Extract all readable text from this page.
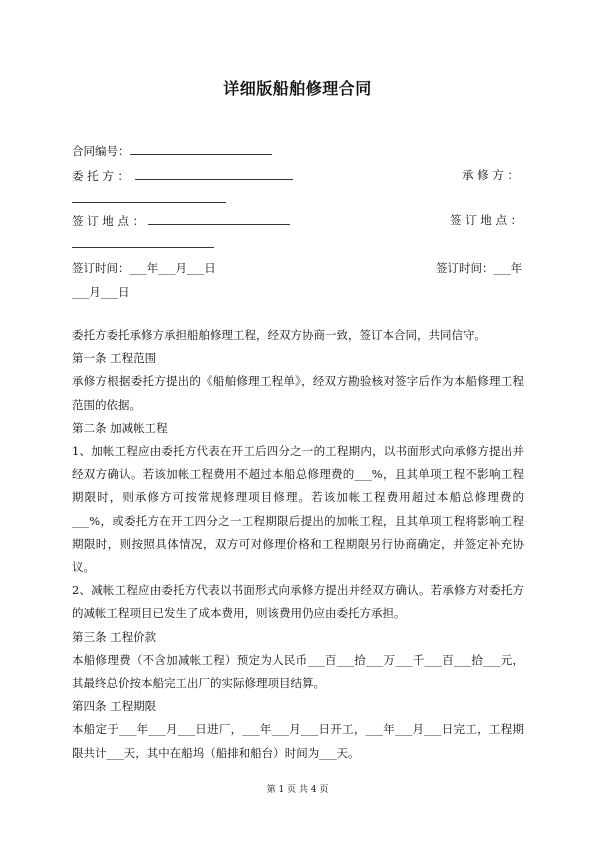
详细版船舶修理合同
合同编号：
委 托 方 ：	承 修 方 ：
签 订 地 点 ：	签 订 地 点 ：
签订时间：___年___月___日	签订时间：___年
___月___日

委托方委托承修方承担船舶修理工程，经双方协商一致，签订本合同，共同信守。

第一条 工程范围

承修方根据委托方提出的《船舶修理工程单》，经双方勘验核对签字后作为本船修理工程范围的依据。

第二条 加减帐工程

1、加帐工程应由委托方代表在开工后四分之一的工程期内，以书面形式向承修方提出并经双方确认。若该加帐工程费用不超过本船总修理费的___%，且其单项工程不影响工程期限时，则承修方可按常规修理项目修理。若该加帐工程费用超过本船总修理费的___%，或委托方在开工四分之一工程期限后提出的加帐工程，且其单项工程将影响工程期限时，则按照具体情况，双方可对修理价格和工程期限另行协商确定，并签定补充协议。

2、减帐工程应由委托方代表以书面形式向承修方提出并经双方确认。若承修方对委托方的减帐工程项目已发生了成本费用，则该费用仍应由委托方承担。

第三条 工程价款

本船修理费（不含加减帐工程）预定为人民币___百___拾___万___千___百___拾___元，其最终总价按本船完工出厂的实际修理项目结算。

第四条 工程期限

本船定于___年___月___日进厂，___年___月___日开工，___年___月___日完工，工程期限共计___天，其中在船坞（船排和船台）时间为___天。

第 1 页 共 4 页
